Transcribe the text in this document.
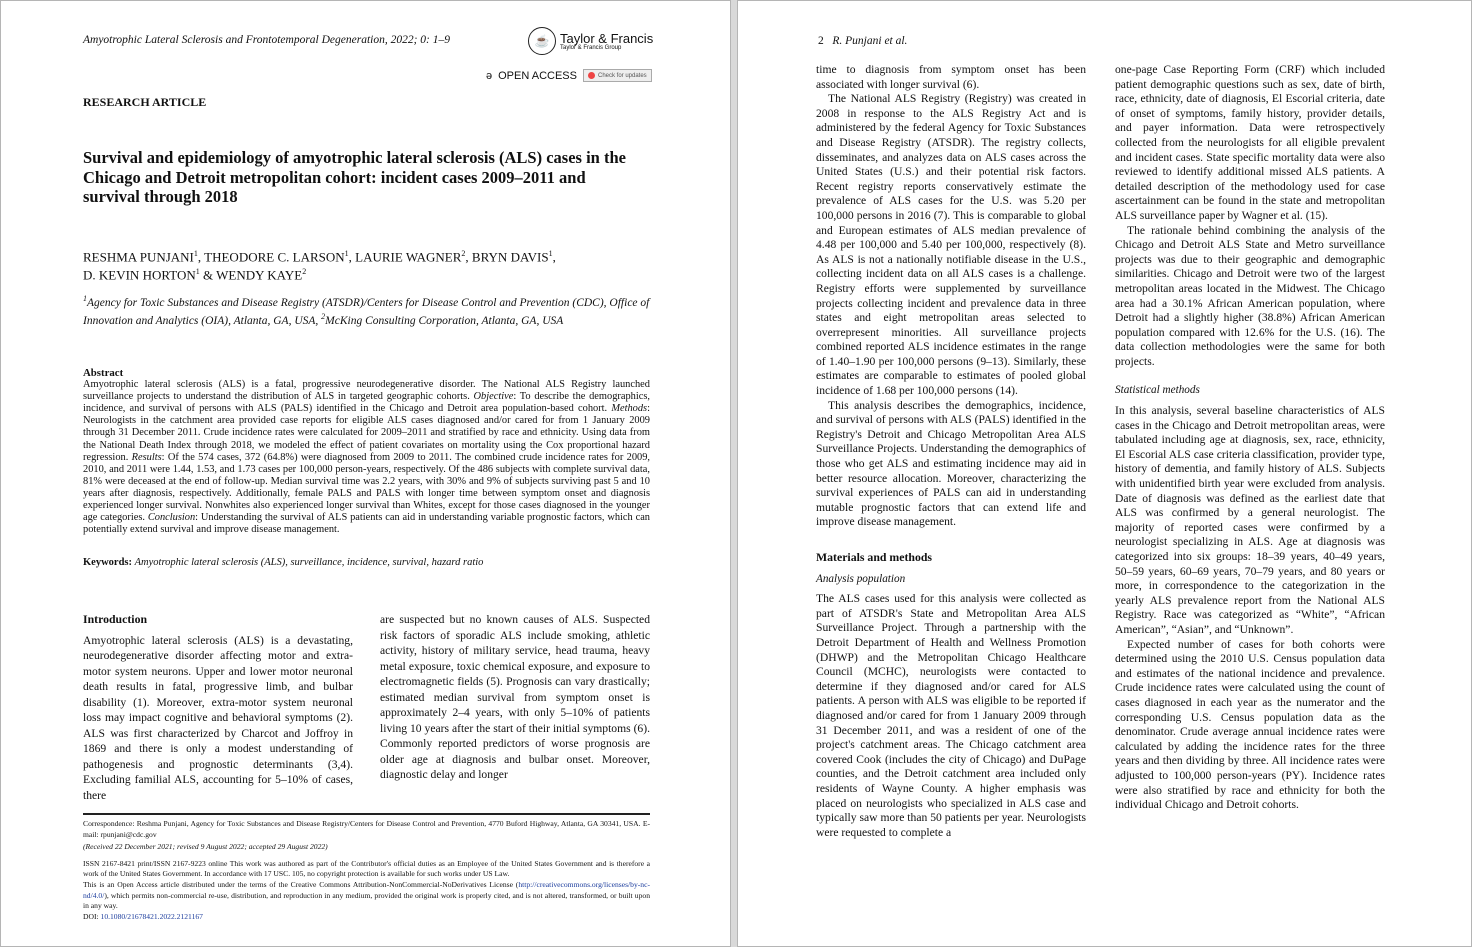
Amyotrophic Lateral Sclerosis and Frontotemporal Degeneration, 2022; 0: 1–9	☕ Taylor & Francis
Taylor & Francis Group
ә OPEN ACCESS	Check for updates
RESEARCH ARTICLE
Survival and epidemiology of amyotrophic lateral sclerosis (ALS) cases in the Chicago and Detroit metropolitan cohort: incident cases 2009–2011 and survival through 2018
RESHMA PUNJANI$^1$, THEODORE C. LARSON$^1$, LAURIE WAGNER$^2$, BRYN DAVIS$^1$,
D. KEVIN HORTON$^1$ & WENDY KAYE$^2$
$^1$Agency for Toxic Substances and Disease Registry (ATSDR)/Centers for Disease Control and Prevention (CDC), Office of Innovation and Analytics (OIA), Atlanta, GA, USA, $^2$McKing Consulting Corporation, Atlanta, GA, USA
Abstract

Amyotrophic lateral sclerosis (ALS) is a fatal, progressive neurodegenerative disorder. The National ALS Registry launched surveillance projects to understand the distribution of ALS in targeted geographic cohorts. Objective: To describe the demographics, incidence, and survival of persons with ALS (PALS) identified in the Chicago and Detroit area population-based cohort. Methods: Neurologists in the catchment area provided case reports for eligible ALS cases diagnosed and/or cared for from 1 January 2009 through 31 December 2011. Crude incidence rates were calculated for 2009–2011 and stratified by race and ethnicity. Using data from the National Death Index through 2018, we modeled the effect of patient covariates on mortality using the Cox proportional hazard regression. Results: Of the 574 cases, 372 (64.8%) were diagnosed from 2009 to 2011. The combined crude incidence rates for 2009, 2010, and 2011 were 1.44, 1.53, and 1.73 cases per 100,000 person-years, respectively. Of the 486 subjects with complete survival data, 81% were deceased at the end of follow-up. Median survival time was 2.2 years, with 30% and 9% of subjects surviving past 5 and 10 years after diagnosis, respectively. Additionally, female PALS and PALS with longer time between symptom onset and diagnosis experienced longer survival. Nonwhites also experienced longer survival than Whites, except for those cases diagnosed in the younger age categories. Conclusion: Understanding the survival of ALS patients can aid in understanding variable prognostic factors, which can potentially extend survival and improve disease management.

Keywords: Amyotrophic lateral sclerosis (ALS), surveillance, incidence, survival, hazard ratio
Introduction

Amyotrophic lateral sclerosis (ALS) is a devastating, neurodegenerative disorder affecting motor and extra-motor system neurons. Upper and lower motor neuronal death results in fatal, progressive limb, and bulbar disability (1). Moreover, extra-motor system neuronal loss may impact cognitive and behavioral symptoms (2). ALS was first characterized by Charcot and Joffroy in 1869 and there is only a modest understanding of pathogenesis and prognostic determinants (3,4). Excluding familial ALS, accounting for 5–10% of cases, there

are suspected but no known causes of ALS. Suspected risk factors of sporadic ALS include smoking, athletic activity, history of military service, head trauma, heavy metal exposure, toxic chemical exposure, and exposure to electromagnetic fields (5). Prognosis can vary drastically; estimated median survival from symptom onset is approximately 2–4 years, with only 5–10% of patients living 10 years after the start of their initial symptoms (6). Commonly reported predictors of worse prognosis are older age at diagnosis and bulbar onset. Moreover, diagnostic delay and longer

Correspondence: Reshma Punjani, Agency for Toxic Substances and Disease Registry/Centers for Disease Control and Prevention, 4770 Buford Highway, Atlanta, GA 30341, USA. E-mail: rpunjani@cdc.gov

(Received 22 December 2021; revised 9 August 2022; accepted 29 August 2022)

ISSN 2167-8421 print/ISSN 2167-9223 online This work was authored as part of the Contributor's official duties as an Employee of the United States Government and is therefore a work of the United States Government. In accordance with 17 USC. 105, no copyright protection is available for such works under US Law.

This is an Open Access article distributed under the terms of the Creative Commons Attribution-NonCommercial-NoDerivatives License (http://creativecommons.org/licenses/by-nc-nd/4.0/), which permits non-commercial re-use, distribution, and reproduction in any medium, provided the original work is properly cited, and is not altered, transformed, or built upon in any way.

DOI: 10.1080/21678421.2022.2121167

2 R. Punjani et al.

time to diagnosis from symptom onset has been associated with longer survival (6).

The National ALS Registry (Registry) was created in 2008 in response to the ALS Registry Act and is administered by the federal Agency for Toxic Substances and Disease Registry (ATSDR). The registry collects, disseminates, and analyzes data on ALS cases across the United States (U.S.) and their potential risk factors. Recent registry reports conservatively estimate the prevalence of ALS cases for the U.S. was 5.20 per 100,000 persons in 2016 (7). This is comparable to global and European estimates of ALS median prevalence of 4.48 per 100,000 and 5.40 per 100,000, respectively (8). As ALS is not a nationally notifiable disease in the U.S., collecting incident data on all ALS cases is a challenge. Registry efforts were supplemented by surveillance projects collecting incident and prevalence data in three states and eight metropolitan areas selected to overrepresent minorities. All surveillance projects combined reported ALS incidence estimates in the range of 1.40–1.90 per 100,000 persons (9–13). Similarly, these estimates are comparable to estimates of pooled global incidence of 1.68 per 100,000 persons (14).

This analysis describes the demographics, incidence, and survival of persons with ALS (PALS) identified in the Registry's Detroit and Chicago Metropolitan Area ALS Surveillance Projects. Understanding the demographics of those who get ALS and estimating incidence may aid in better resource allocation. Moreover, characterizing the survival experiences of PALS can aid in understanding mutable prognostic factors that can extend life and improve disease management.

Materials and methods
Analysis population

The ALS cases used for this analysis were collected as part of ATSDR's State and Metropolitan Area ALS Surveillance Project. Through a partnership with the Detroit Department of Health and Wellness Promotion (DHWP) and the Metropolitan Chicago Healthcare Council (MCHC), neurologists were contacted to determine if they diagnosed and/or cared for ALS patients. A person with ALS was eligible to be reported if diagnosed and/or cared for from 1 January 2009 through 31 December 2011, and was a resident of one of the project's catchment areas. The Chicago catchment area covered Cook (includes the city of Chicago) and DuPage counties, and the Detroit catchment area included only residents of Wayne County. A higher emphasis was placed on neurologists who specialized in ALS case and typically saw more than 50 patients per year. Neurologists were requested to complete a

one-page Case Reporting Form (CRF) which included patient demographic questions such as sex, date of birth, race, ethnicity, date of diagnosis, El Escorial criteria, date of onset of symptoms, family history, provider details, and payer information. Data were retrospectively collected from the neurologists for all eligible prevalent and incident cases. State specific mortality data were also reviewed to identify additional missed ALS patients. A detailed description of the methodology used for case ascertainment can be found in the state and metropolitan ALS surveillance paper by Wagner et al. (15).

The rationale behind combining the analysis of the Chicago and Detroit ALS State and Metro surveillance projects was due to their geographic and demographic similarities. Chicago and Detroit were two of the largest metropolitan areas located in the Midwest. The Chicago area had a 30.1% African American population, where Detroit had a slightly higher (38.8%) African American population compared with 12.6% for the U.S. (16). The data collection methodologies were the same for both projects.

Statistical methods

In this analysis, several baseline characteristics of ALS cases in the Chicago and Detroit metropolitan areas, were tabulated including age at diagnosis, sex, race, ethnicity, El Escorial ALS case criteria classification, provider type, history of dementia, and family history of ALS. Subjects with unidentified birth year were excluded from analysis. Date of diagnosis was defined as the earliest date that ALS was confirmed by a general neurologist. The majority of reported cases were confirmed by a neurologist specializing in ALS. Age at diagnosis was categorized into six groups: 18–39 years, 40–49 years, 50–59 years, 60–69 years, 70–79 years, and 80 years or more, in correspondence to the categorization in the yearly ALS prevalence report from the National ALS Registry. Race was categorized as “White”, “African American”, “Asian”, and “Unknown”.

Expected number of cases for both cohorts were determined using the 2010 U.S. Census population data and estimates of the national incidence and prevalence. Crude incidence rates were calculated using the count of cases diagnosed in each year as the numerator and the corresponding U.S. Census population data as the denominator. Crude average annual incidence rates were calculated by adding the incidence rates for the three years and then dividing by three. All incidence rates were adjusted to 100,000 person-years (PY). Incidence rates were also stratified by race and ethnicity for both the individual Chicago and Detroit cohorts.
